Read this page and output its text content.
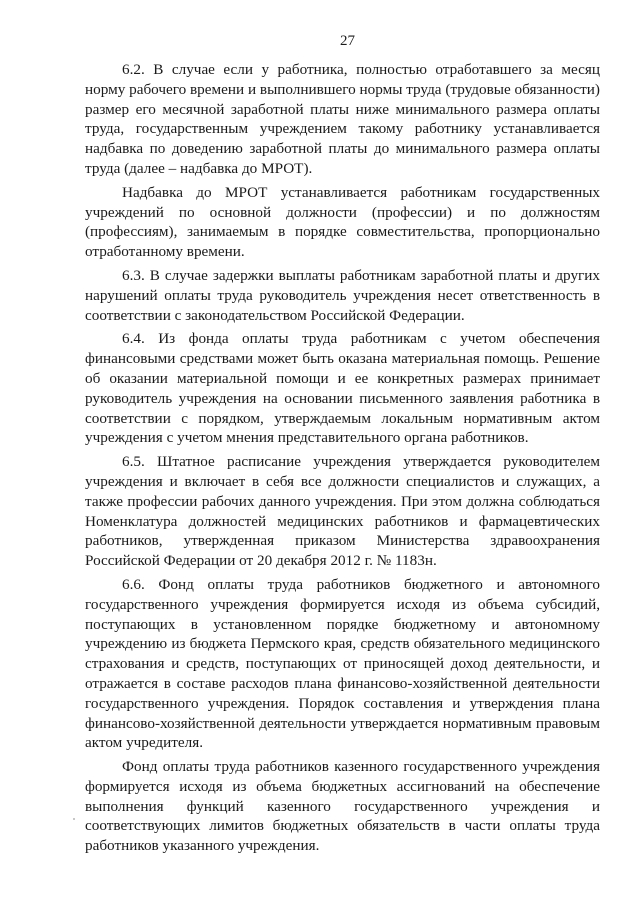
27

6.2. В случае если у работника, полностью отработавшего за месяц норму рабочего времени и выполнившего нормы труда (трудовые обязанности) размер его месячной заработной платы ниже минимального размера оплаты труда, государственным учреждением такому работнику устанавливается надбавка по доведению заработной платы до минимального размера оплаты труда (далее – надбавка до МРОТ).

Надбавка до МРОТ устанавливается работникам государственных учреждений по основной должности (профессии) и по должностям (профессиям), занимаемым в порядке совместительства, пропорционально отработанному времени.

6.3. В случае задержки выплаты работникам заработной платы и других нарушений оплаты труда руководитель учреждения несет ответственность в соответствии с законодательством Российской Федерации.

6.4. Из фонда оплаты труда работникам с учетом обеспечения финансовыми средствами может быть оказана материальная помощь. Решение об оказании материальной помощи и ее конкретных размерах принимает руководитель учреждения на основании письменного заявления работника в соответствии с порядком, утверждаемым локальным нормативным актом учреждения с учетом мнения представительного органа работников.

6.5. Штатное расписание учреждения утверждается руководителем учреждения и включает в себя все должности специалистов и служащих, а также профессии рабочих данного учреждения. При этом должна соблюдаться Номенклатура должностей медицинских работников и фармацевтических работников, утвержденная приказом Министерства здравоохранения Российской Федерации от 20 декабря 2012 г. № 1183н.

6.6. Фонд оплаты труда работников бюджетного и автономного государственного учреждения формируется исходя из объема субсидий, поступающих в установленном порядке бюджетному и автономному учреждению из бюджета Пермского края, средств обязательного медицинского страхования и средств, поступающих от приносящей доход деятельности, и отражается в составе расходов плана финансово-хозяйственной деятельности государственного учреждения. Порядок составления и утверждения плана финансово-хозяйственной деятельности утверждается нормативным правовым актом учредителя.

Фонд оплаты труда работников казенного государственного учреждения формируется исходя из объема бюджетных ассигнований на обеспечение выполнения функций казенного государственного учреждения и соответствующих лимитов бюджетных обязательств в части оплаты труда работников указанного учреждения.
